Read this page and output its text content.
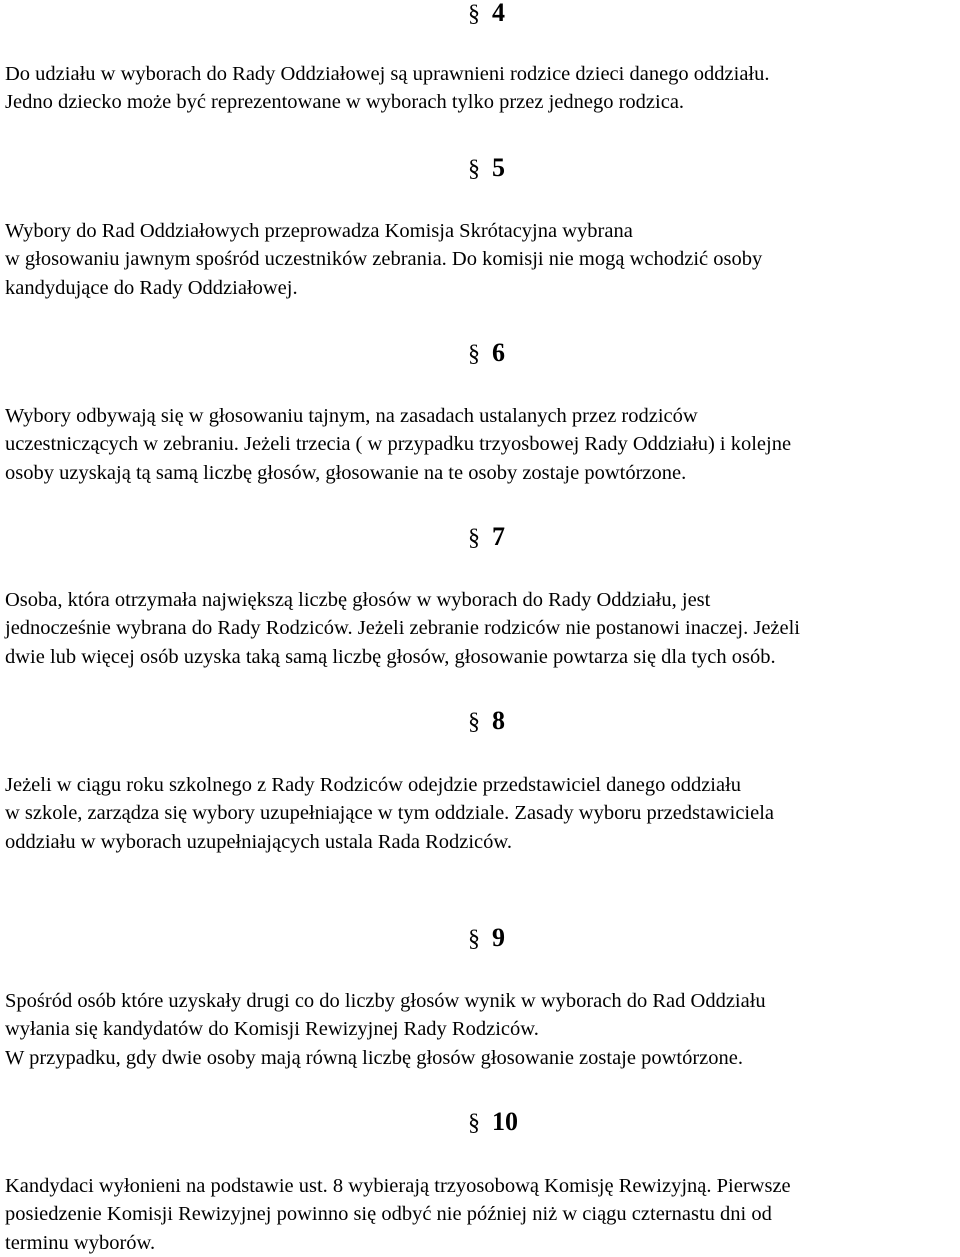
§ 4
Do udziału w wyborach do Rady Oddziałowej są uprawnieni rodzice dzieci danego oddziału.
Jedno dziecko może być reprezentowane w wyborach tylko przez jednego rodzica.
§ 5
Wybory do Rad Oddziałowych przeprowadza Komisja Skrótacyjna wybrana
w głosowaniu jawnym spośród uczestników zebrania. Do komisji nie mogą wchodzić osoby
kandydujące do Rady Oddziałowej.
§ 6
Wybory odbywają się w głosowaniu tajnym, na zasadach ustalanych przez rodziców
uczestniczących w zebraniu. Jeżeli trzecia ( w przypadku trzyosbowej Rady Oddziału) i kolejne
osoby uzyskają tą samą liczbę głosów, głosowanie na te osoby zostaje powtórzone.
§ 7
Osoba, która otrzymała największą liczbę głosów w wyborach do Rady Oddziału, jest
jednocześnie wybrana do Rady Rodziców. Jeżeli zebranie rodziców nie postanowi inaczej. Jeżeli
dwie lub więcej osób uzyska taką samą liczbę głosów, głosowanie powtarza się dla tych osób.
§ 8
Jeżeli w ciągu roku szkolnego z Rady Rodziców odejdzie przedstawiciel danego oddziału
w szkole, zarządza się wybory uzupełniające w tym oddziale. Zasady wyboru przedstawiciela
oddziału w wyborach uzupełniających ustala Rada Rodziców.
§ 9
Spośród osób które uzyskały drugi co do liczby głosów wynik w wyborach do Rad Oddziału
wyłania się kandydatów do Komisji Rewizyjnej Rady Rodziców.
W przypadku, gdy dwie osoby mają równą liczbę głosów głosowanie zostaje powtórzone.
§ 10
Kandydaci wyłonieni na podstawie ust. 8 wybierają trzyosobową Komisję Rewizyjną. Pierwsze
posiedzenie Komisji Rewizyjnej powinno się odbyć nie później niż w ciągu czternastu dni od
terminu wyborów.
